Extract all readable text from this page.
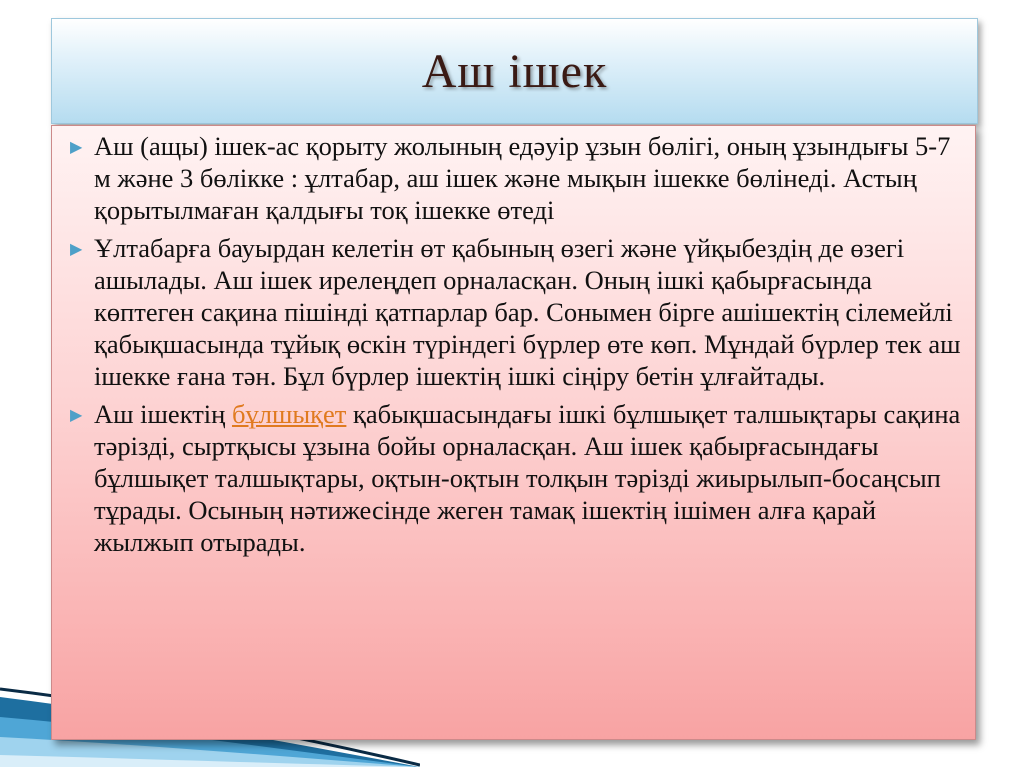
Аш ішек
▶ Аш (ащы) ішек-ас қорыту жолының едәуір ұзын бөлігі, оның ұзындығы 5-7 м және 3 бөлікке : ұлтабар, аш ішек және мықын ішекке бөлінеді. Астың қорытылмаған қалдығы тоқ ішекке өтеді
▶ Ұлтабарға бауырдан келетін өт қабының өзегі және үйқыбездің де өзегі ашылады. Аш ішек ирелеңдеп орналасқан. Оның ішкі қабырғасында көптеген сақина пішінді қатпарлар бар. Сонымен бірге ашішектің сілемейлі қабықшасында тұйық өскін түріндегі бүрлер өте көп. Мұндай бүрлер тек аш ішекке ғана тән. Бұл бүрлер ішектің ішкі сіңіру бетін ұлғайтады.
▶ Аш ішектің бұлшықет қабықшасындағы ішкі бұлшықет талшықтары сақина тәрізді, сыртқысы ұзына бойы орналасқан. Аш ішек қабырғасындағы бұлшықет талшықтары, оқтын-оқтын толқын тәрізді жиырылып-босаңсып тұрады. Осының нәтижесінде жеген тамақ ішектің ішімен алға қарай жылжып отырады.
